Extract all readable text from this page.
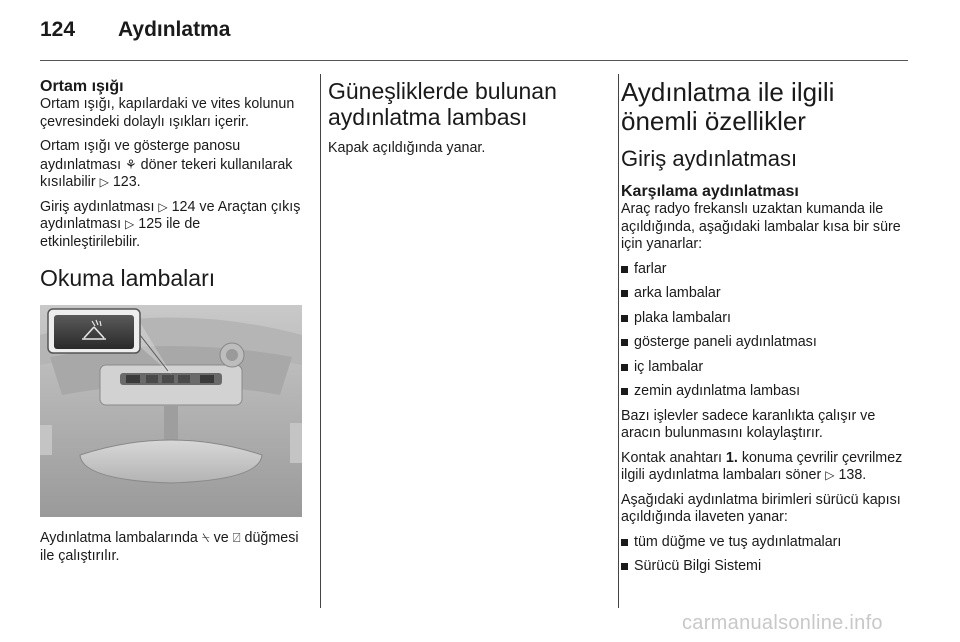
124 Aydınlatma
Ortam ışığı

Ortam ışığı, kapılardaki ve vites kolunun çevresindeki dolaylı ışıkları içerir.

Ortam ışığı ve gösterge panosu aydınlatması ⚘ döner tekeri kullanılarak kısılabilir ▷ 123.

Giriş aydınlatması ▷ 124 ve Araçtan çıkış aydınlatması ▷ 125 ile de etkinleştirilebilir.

Okuma lambaları

Aydınlatma lambalarında ⍀ ve ⍁ düğmesi ile çalıştırılır.

Güneşliklerde bulunan aydınlatma lambası

Kapak açıldığında yanar.

Aydınlatma ile ilgili önemli özellikler
Giriş aydınlatması
Karşılama aydınlatması

Araç radyo frekanslı uzaktan kumanda ile açıldığında, aşağıdaki lambalar kısa bir süre için yanarlar:

farlar
arka lambalar
plaka lambaları
gösterge paneli aydınlatması
iç lambalar
zemin aydınlatma lambası

Bazı işlevler sadece karanlıkta çalışır ve aracın bulunmasını kolaylaştırır.

Kontak anahtarı 1. konuma çevrilir çevrilmez ilgili aydınlatma lambaları söner ▷ 138.

Aşağıdaki aydınlatma birimleri sürücü kapısı açıldığında ilaveten yanar:

tüm düğme ve tuş aydınlatmaları
Sürücü Bilgi Sistemi
carmanualsonline.info
